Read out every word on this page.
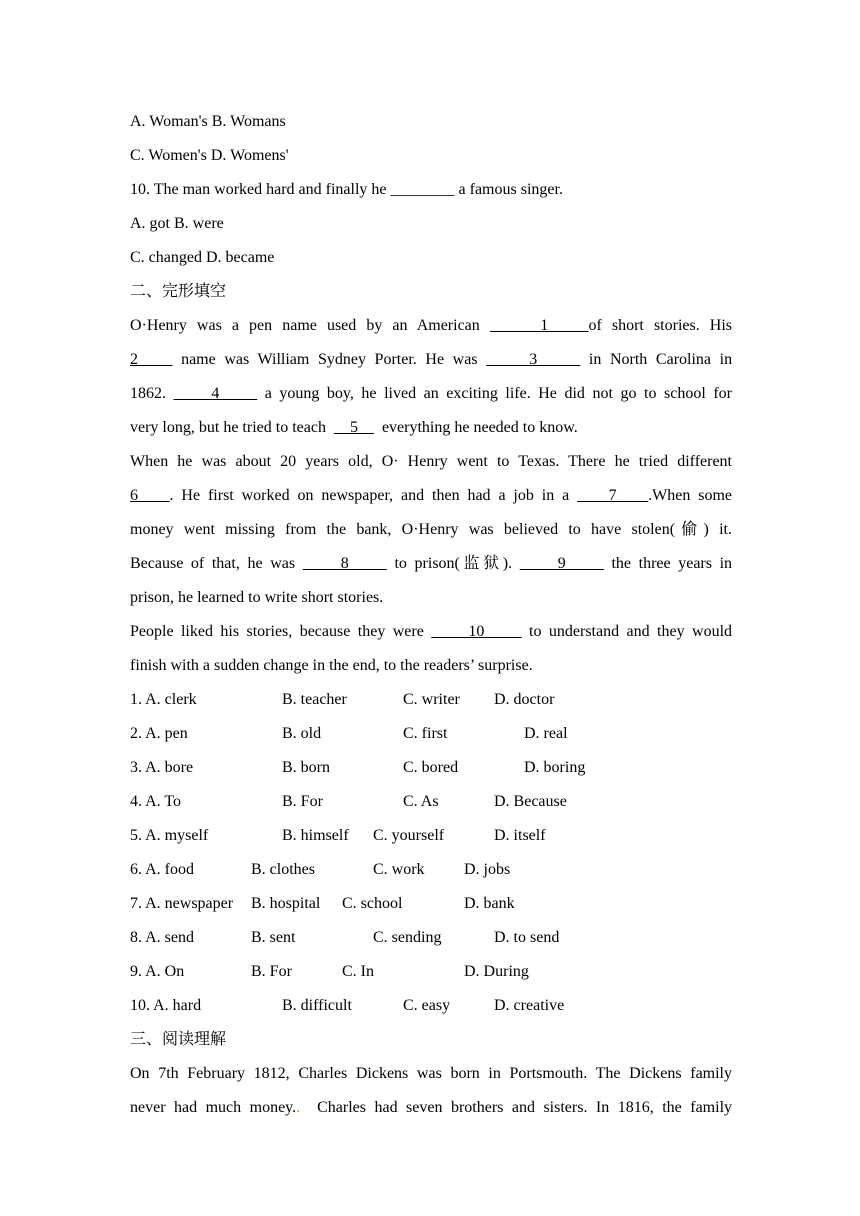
A. Woman's B. Womans
C. Women's D. Womens'
10. The man worked hard and finally he ________ a famous singer.
A. got B. were
C. changed D. became
二、完形填空
O·Henry was a pen name used by an American	1	of short stories. His
2	name was William Sydney Porter. He was	3	in North Carolina in
1862.	4	a young boy, he lived an exciting life. He did not go to school for
very long, but he tried to teach 5 everything he needed to know.
When he was about 20 years old, O· Henry went to Texas. There he tried different
6 . He first worked on newspaper, and then had a job in a 7 .When some
money went missing from the bank, O·Henry was believed to have stolen(偷) it.
Because of that, he was	8	to prison(监狱).	9	the three years in
prison, he learned to write short stories.
People liked his stories, because they were	10	to understand and they would
finish with a sudden change in the end, to the readers’ surprise.
1. A. clerk	B. teacher	C. writer D. doctor
2. A. pen	B. old	C. first	D. real
3. A. bore	B. born	C. bored	D. boring
4. A. To	B. For	C. As	D. Because
5. A. myself	B. himself C. yourself	D. itself
6. A. food	B. clothes	C. work D. jobs
7. A. newspaper B. hospital C. school	D. bank
8. A. send	B. sent	C. sending	D. to send
9. A. On	B. For	C. In	D. During
10. A. hard	B. difficult	C. easy	D. creative
三、阅读理解
On 7th February 1812, Charles Dickens was born in Portsmouth. The Dickens family
never had much money.. Charles had seven brothers and sisters. In 1816, the family
